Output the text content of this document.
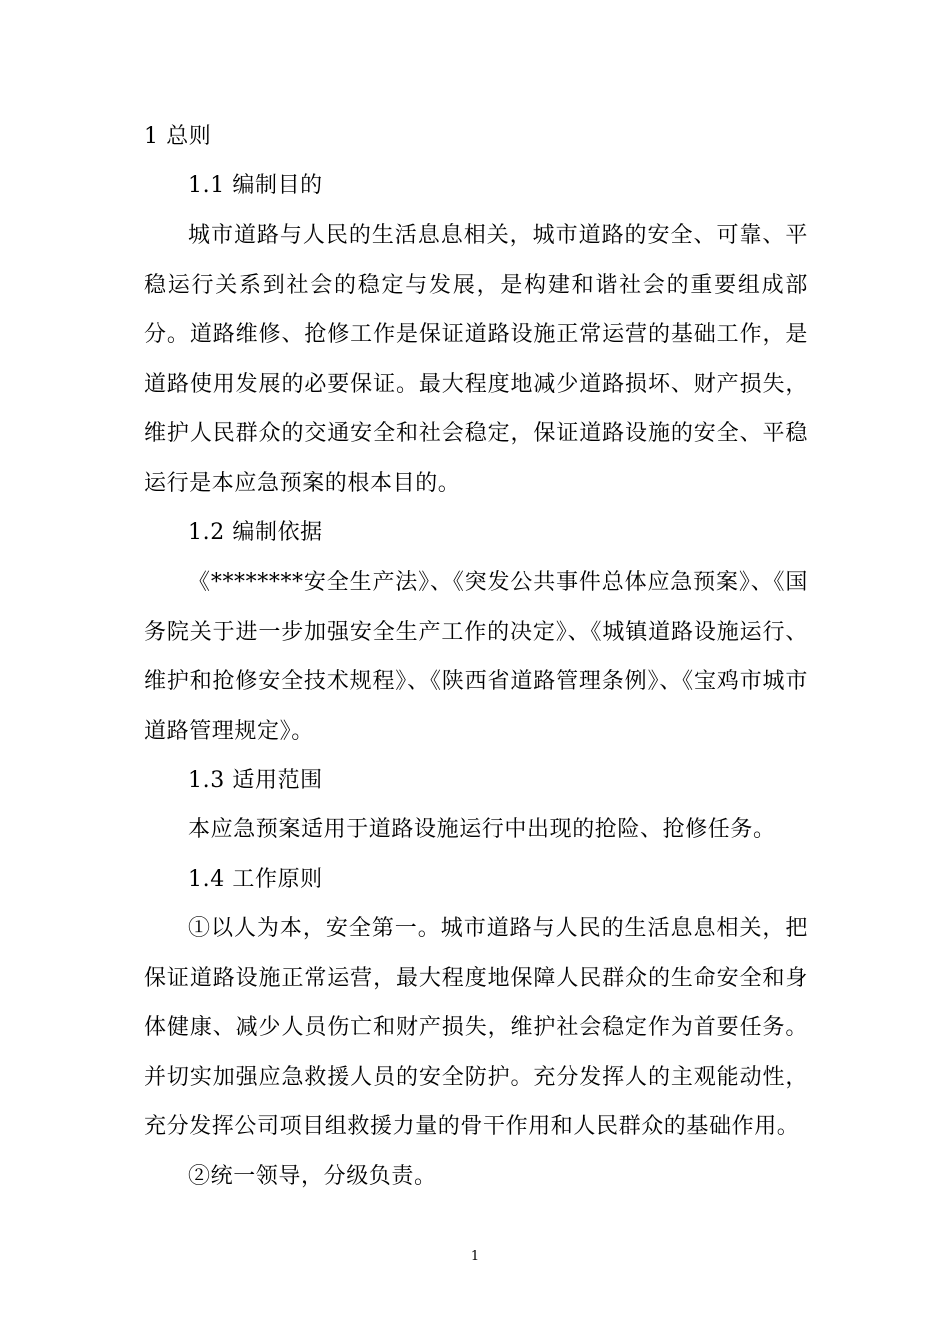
1 总则

1.1 编制目的

城市道路与人民的生活息息相关，城市道路的安全、可靠、平稳运行关系到社会的稳定与发展，是构建和谐社会的重要组成部分。道路维修、抢修工作是保证道路设施正常运营的基础工作，是道路使用发展的必要保证。最大程度地减少道路损坏、财产损失，维护人民群众的交通安全和社会稳定，保证道路设施的安全、平稳运行是本应急预案的根本目的。

1.2 编制依据

《********安全生产法》、《突发公共事件总体应急预案》、《国务院关于进一步加强安全生产工作的决定》、《城镇道路设施运行、维护和抢修安全技术规程》、《陕西省道路管理条例》、《宝鸡市城市道路管理规定》。

1.3 适用范围

本应急预案适用于道路设施运行中出现的抢险、抢修任务。

1.4 工作原则

①以人为本，安全第一。城市道路与人民的生活息息相关，把保证道路设施正常运营，最大程度地保障人民群众的生命安全和身体健康、减少人员伤亡和财产损失，维护社会稳定作为首要任务。并切实加强应急救援人员的安全防护。充分发挥人的主观能动性，充分发挥公司项目组救援力量的骨干作用和人民群众的基础作用。

②统一领导，分级负责。

1
